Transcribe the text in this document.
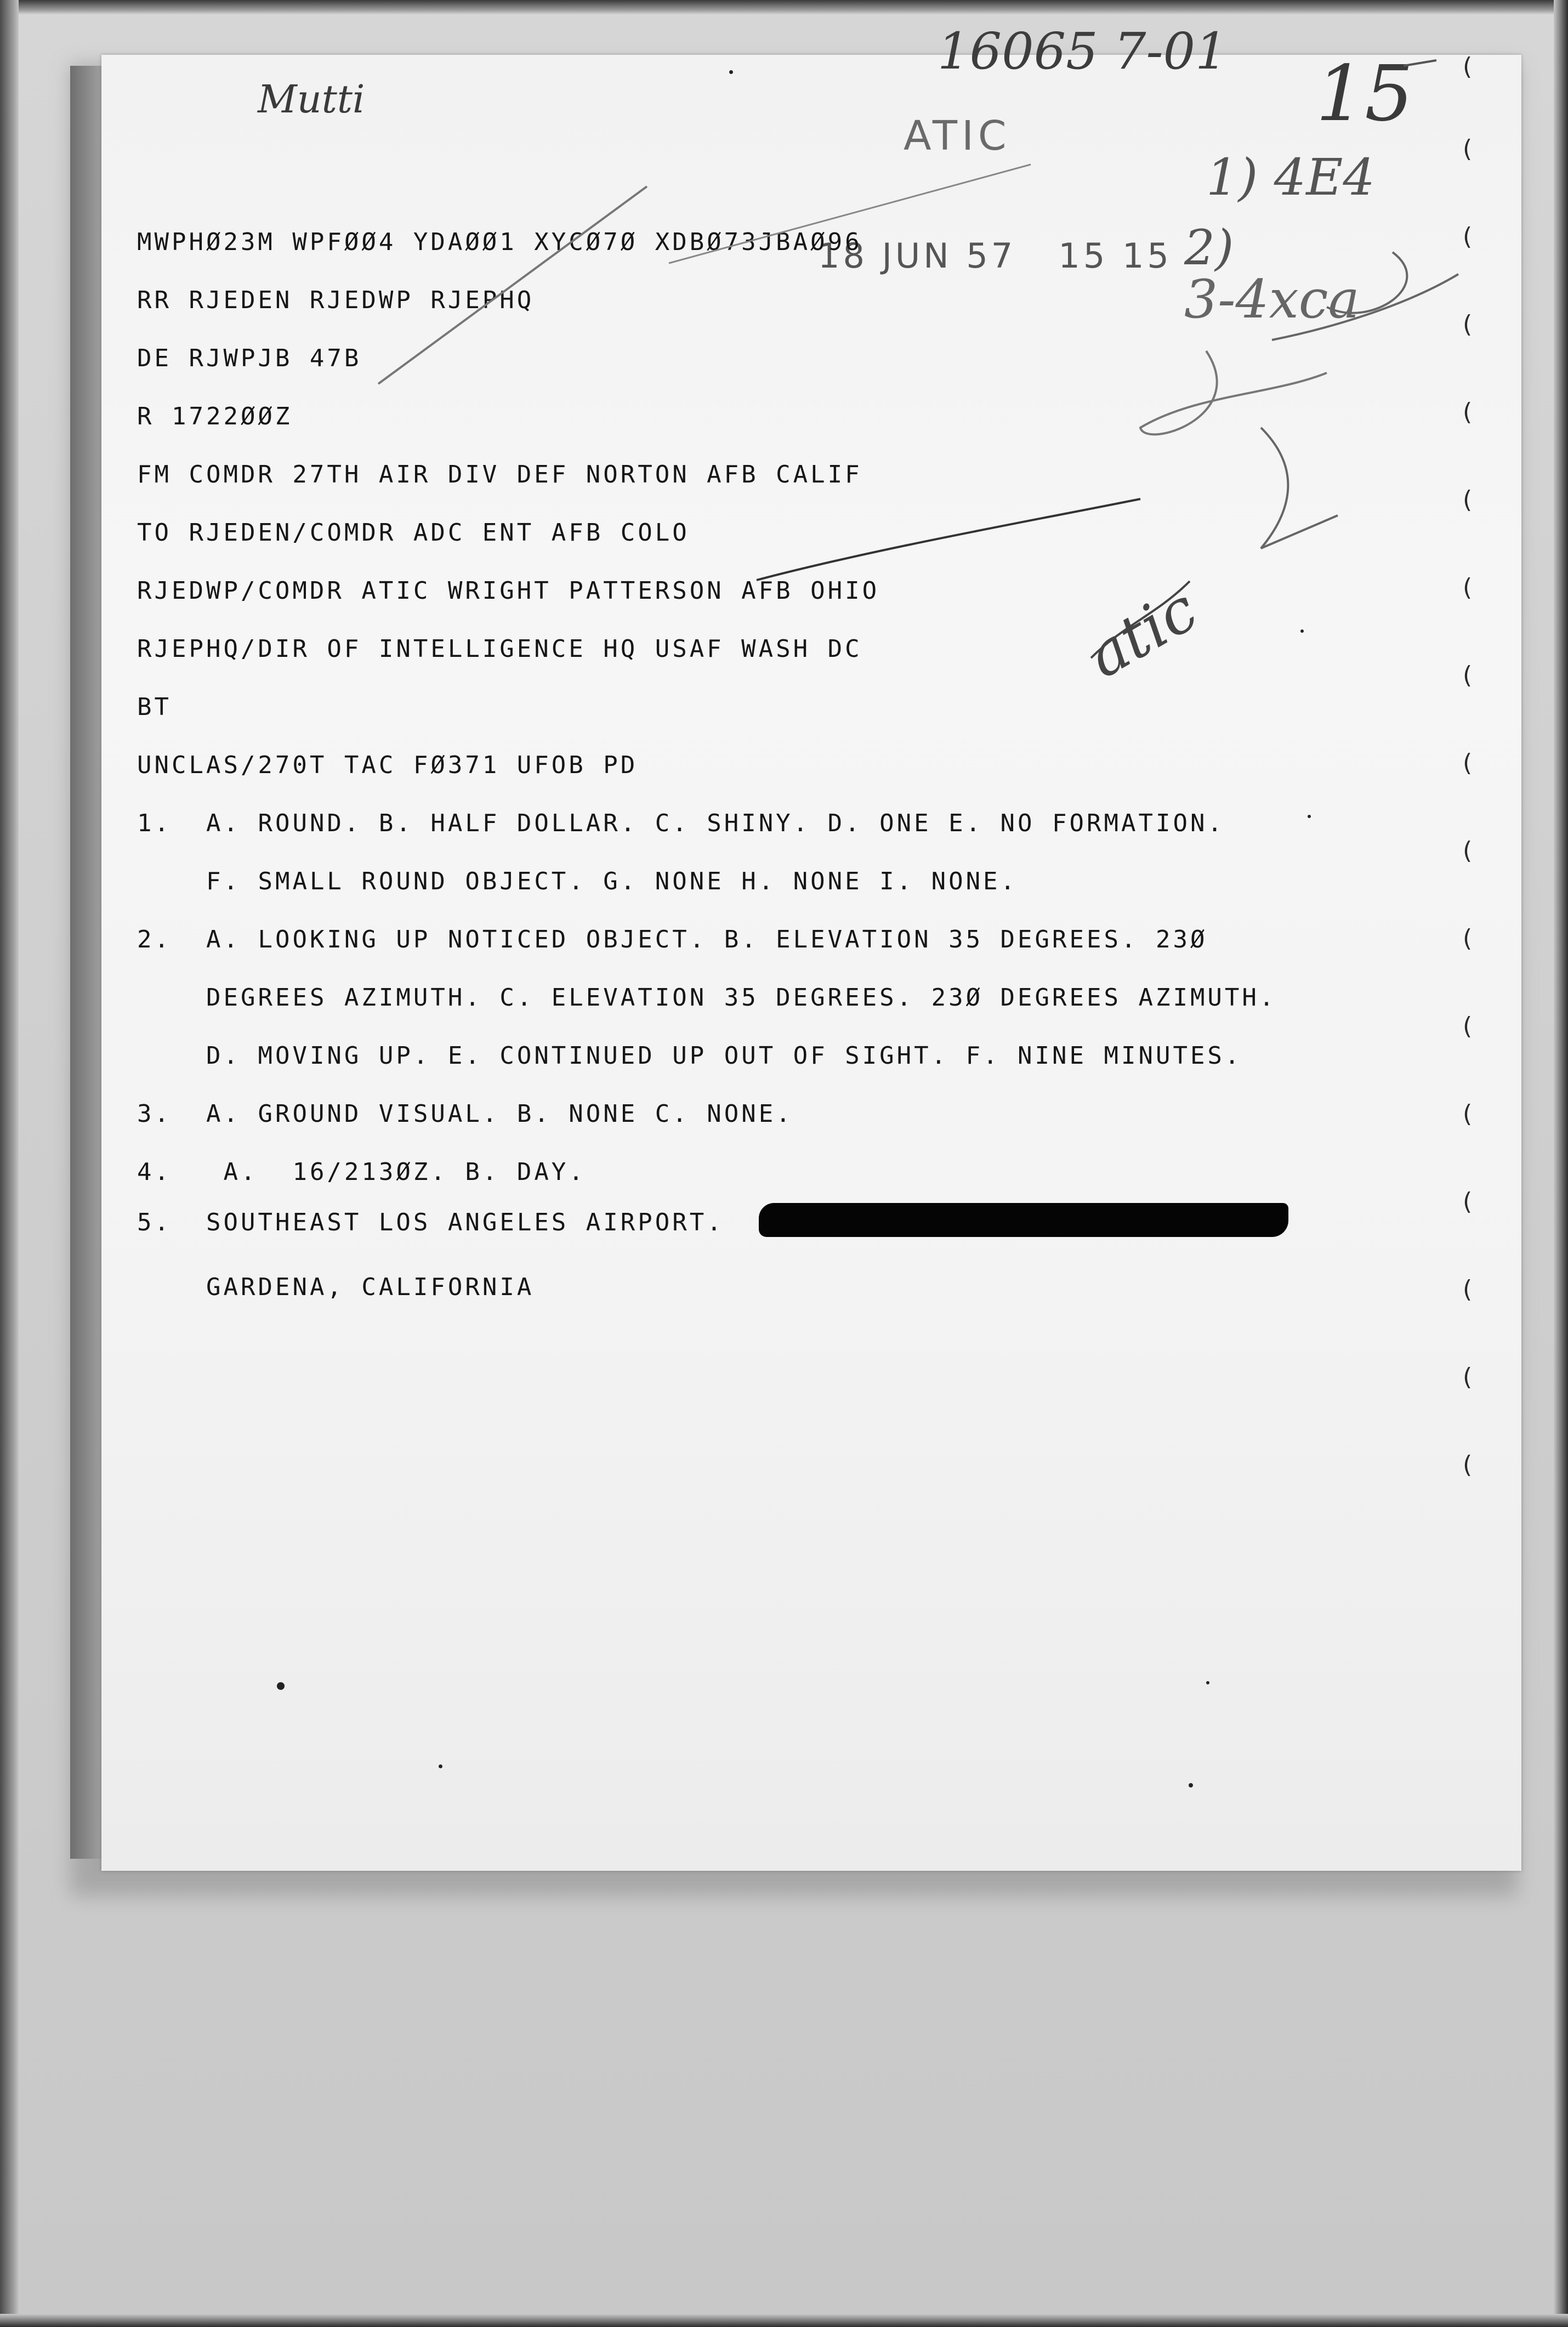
ATIC
18 JUN 57   15 15
16065 7-01 15
Mutti
1) 4E4
2)
3-4xca
atic

MWPHØ23M WPFØØ4 YDAØØ1 XYCØ7Ø XDBØ73JBAØ96

RR RJEDEN RJEDWP RJEPHQ

DE RJWPJB 47B

R 1722ØØZ

FM COMDR 27TH AIR DIV DEF NORTON AFB CALIF

TO RJEDEN/COMDR ADC ENT AFB COLO

RJEDWP/COMDR ATIC WRIGHT PATTERSON AFB OHIO

RJEPHQ/DIR OF INTELLIGENCE HQ USAF WASH DC

BT

UNCLAS/270T TAC FØ371 UFOB PD

1. A. ROUND. B. HALF DOLLAR. C. SHINY. D. ONE E. NO FORMATION.

F. SMALL ROUND OBJECT. G. NONE H. NONE I. NONE.

2. A. LOOKING UP NOTICED OBJECT. B. ELEVATION 35 DEGREES. 23Ø

DEGREES AZIMUTH. C. ELEVATION 35 DEGREES. 23Ø DEGREES AZIMUTH.

D. MOVING UP. E. CONTINUED UP OUT OF SIGHT. F. NINE MINUTES.

3. A. GROUND VISUAL. B. NONE C. NONE.

4. A.  16/213ØZ. B. DAY.

5. SOUTHEAST LOS ANGELES AIRPORT.

GARDENA, CALIFORNIA

(
(
(
(
(
(
(
(
(
(
(
(
(
(
(
(
(
